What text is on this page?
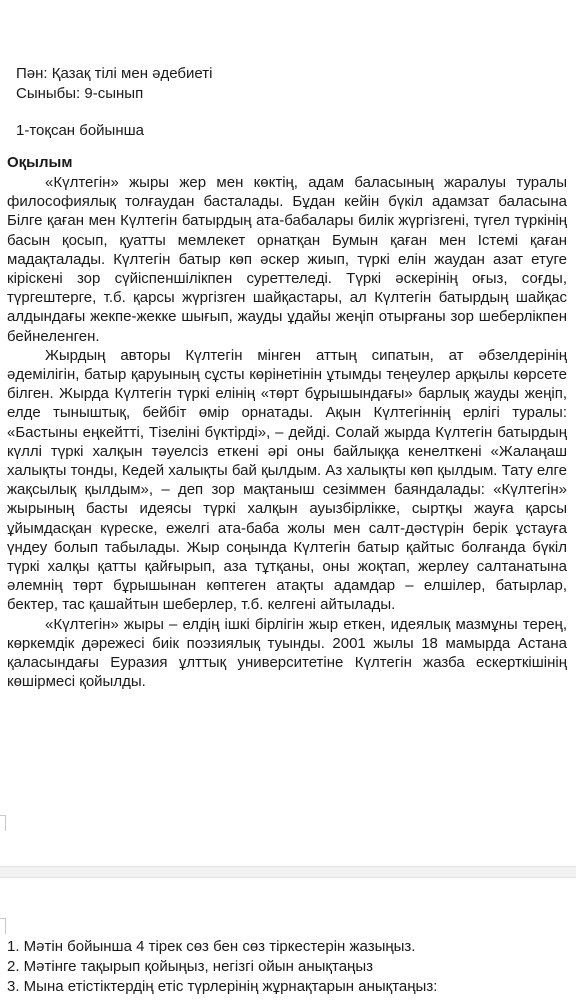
Пән: Қазақ тілі мен әдебиеті
Сыныбы: 9-сынып
1-тоқсан бойынша
Оқылым

«Күлтегін» жыры жер мен көктің, адам баласының жаралуы туралы философиялық толғаудан басталады. Бұдан кейін бүкіл адамзат баласына Білге қаған мен Күлтегін батырдың ата-бабалары билік жүргізгені, түгел түркінің басын қосып, қуатты мемлекет орнатқан Бумын қаған мен Істемі қаған мадақталады. Күлтегін батыр көп әскер жиып, түркі елін жаудан азат етуге кірiскені зор сүйіспеншілікпен суреттеледі. Түркі әскерінің оғыз, соғды, түргештерге, т.б. қарсы жүргізген шайқастары, ал Күлтегін батырдың шайқас алдындағы жекпе-жекке шығып, жауды ұдайы жеңіп отырғаны зор шеберлікпен бейнеленген.

Жырдың авторы Күлтегін мінген аттың сипатын, ат әбзелдерінің әдемілігін, батыр қаруының сұсты көрінетінін ұтымды теңеулер арқылы көрсете білген. Жырда Күлтегін түркі елінің «төрт бұрышындағы» барлық жауды жеңіп, елде тыныштық, бейбіт өмір орнатады. Ақын Күлтегіннің ерлігі туралы: «Бастыны еңкейтті, Тізеліні бүктірді», – дейді. Солай жырда Күлтегін батырдың күллі түркі халқын тәуелсіз еткені әрі оны байлыққа кенелткені «Жалаңаш халықты тонды, Кедей халықты бай қылдым. Аз халықты көп қылдым. Тату елге жақсылық қылдым», – деп зор мақтаныш сезіммен баяндалады: «Күлтегін» жырының басты идеясы түркі халқын ауызбірлікке, сыртқы жауға қарсы ұйымдасқан күреске, ежелгі ата-баба жолы мен салт-дәстүрін берік ұстауға үндеу болып табылады. Жыр соңында Күлтегін батыр қайтыс болғанда бүкіл түркі халқы қатты қайғырып, аза тұтқаны, оны жоқтап, жерлеу салтанатына әлемнің төрт бұрышынан көптеген атақты адамдар – елшілер, батырлар, бектер, тас қашайтын шеберлер, т.б. келгені айтылады.

«Күлтегін» жыры – елдің ішкі бірлігін жыр еткен, идеялық мазмұны терең, көркемдік дәрежесі биік поэзиялық туынды. 2001 жылы 18 мамырда Астана қаласындағы Еуразия ұлттық университетіне Күлтегін жазба ескерткішінің көшірмесі қойылды.

1. Мәтін бойынша 4 тірек сөз бен сөз тіркестерін жазыңыз.
2. Мәтінге тақырып қойыңыз, негізгі ойын анықтаңыз
3. Мына етістіктердің етіс түрлерінің жұрнақтарын анықтаңыз:
